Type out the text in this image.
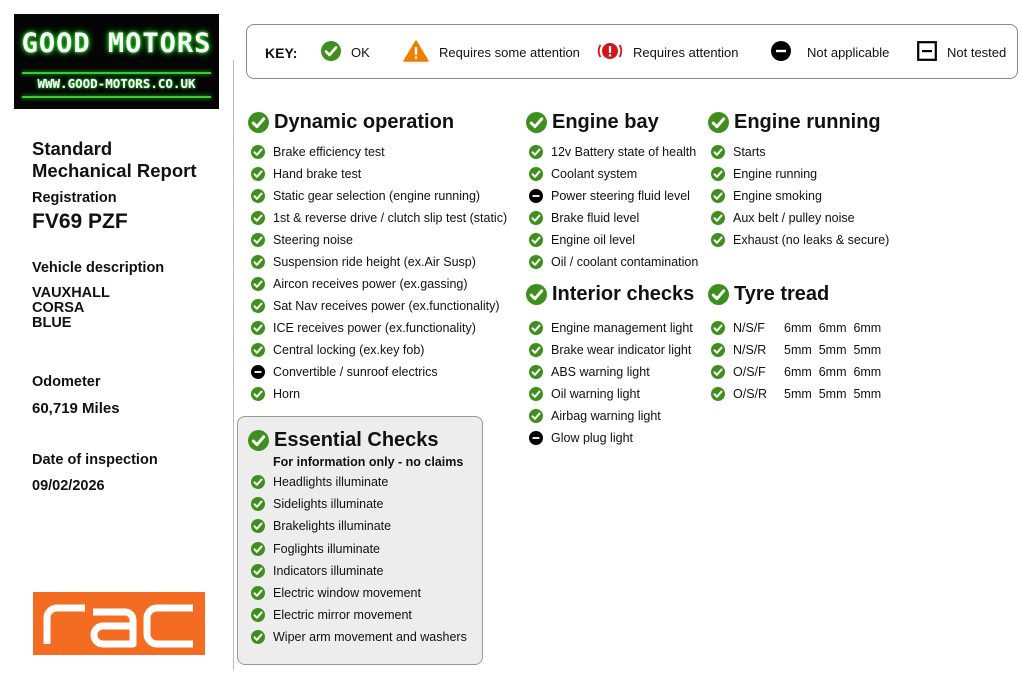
GOOD MOTORS
WWW.GOOD-MOTORS.CO.UK
Standard
Mechanical Report
Registration
FV69 PZF
Vehicle description
VAUXHALL
CORSA
BLUE
Odometer
60,719 Miles
Date of inspection
09/02/2026
KEY:	OK	Requires some attention	Requires attention	Not applicable	Not tested
Dynamic operation
Brake efficiency test
Hand brake test
Static gear selection (engine running)
1st & reverse drive / clutch slip test (static)
Steering noise
Suspension ride height (ex.Air Susp)
Aircon receives power (ex.gassing)
Sat Nav receives power (ex.functionality)
ICE receives power (ex.functionality)
Central locking (ex.key fob)
Convertible / sunroof electrics
Horn
Essential Checks
For information only - no claims
Headlights illuminate
Sidelights illuminate
Brakelights illuminate
Foglights illuminate
Indicators illuminate
Electric window movement
Electric mirror movement
Wiper arm movement and washers
Engine bay
12v Battery state of health
Coolant system
Power steering fluid level
Brake fluid level
Engine oil level
Oil / coolant contamination
Interior checks
Engine management light
Brake wear indicator light
ABS warning light
Oil warning light
Airbag warning light
Glow plug light
Engine running
Starts
Engine running
Engine smoking
Aux belt / pulley noise
Exhaust (no leaks & secure)
Tyre tread
N/S/F	6mm  6mm  6mm
N/S/R	5mm  5mm  5mm
O/S/F	6mm  6mm  6mm
O/S/R	5mm  5mm  5mm
